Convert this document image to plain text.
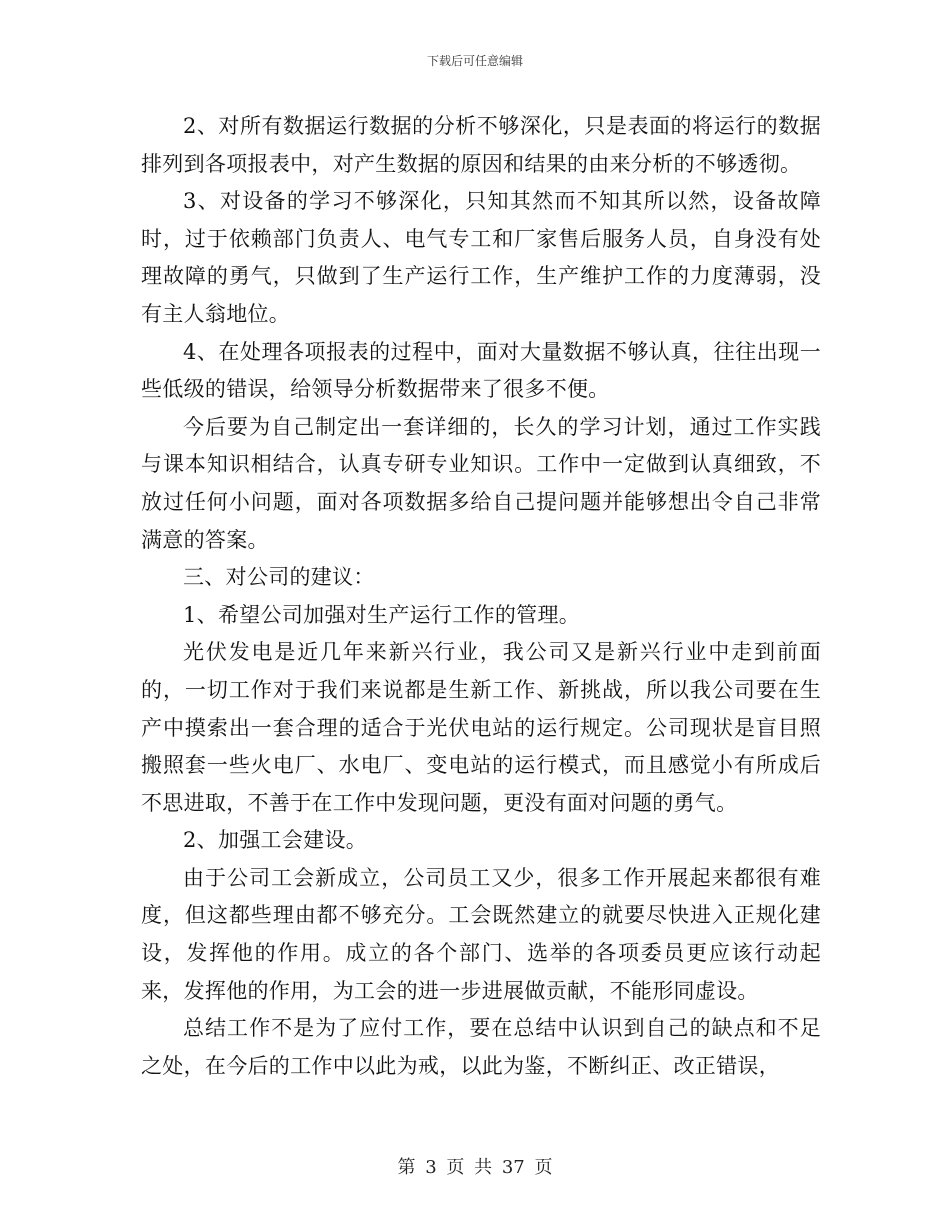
下载后可任意编辑

2、对所有数据运行数据的分析不够深化，只是表面的将运行的数据排列到各项报表中，对产生数据的原因和结果的由来分析的不够透彻。

3、对设备的学习不够深化，只知其然而不知其所以然，设备故障时，过于依赖部门负责人、电气专工和厂家售后服务人员，自身没有处理故障的勇气，只做到了生产运行工作，生产维护工作的力度薄弱，没有主人翁地位。

4、在处理各项报表的过程中，面对大量数据不够认真，往往出现一些低级的错误，给领导分析数据带来了很多不便。

今后要为自己制定出一套详细的，长久的学习计划，通过工作实践与课本知识相结合，认真专研专业知识。工作中一定做到认真细致，不放过任何小问题，面对各项数据多给自己提问题并能够想出令自己非常满意的答案。

三、对公司的建议：

1、希望公司加强对生产运行工作的管理。

光伏发电是近几年来新兴行业，我公司又是新兴行业中走到前面的，一切工作对于我们来说都是生新工作、新挑战，所以我公司要在生产中摸索出一套合理的适合于光伏电站的运行规定。公司现状是盲目照搬照套一些火电厂、水电厂、变电站的运行模式，而且感觉小有所成后不思进取，不善于在工作中发现问题，更没有面对问题的勇气。

2、加强工会建设。

由于公司工会新成立，公司员工又少，很多工作开展起来都很有难度，但这都些理由都不够充分。工会既然建立的就要尽快进入正规化建设，发挥他的作用。成立的各个部门、选举的各项委员更应该行动起来，发挥他的作用，为工会的进一步进展做贡献，不能形同虚设。

总结工作不是为了应付工作，要在总结中认识到自己的缺点和不足之处，在今后的工作中以此为戒，以此为鉴，不断纠正、改正错误，

第 3 页 共 37 页
